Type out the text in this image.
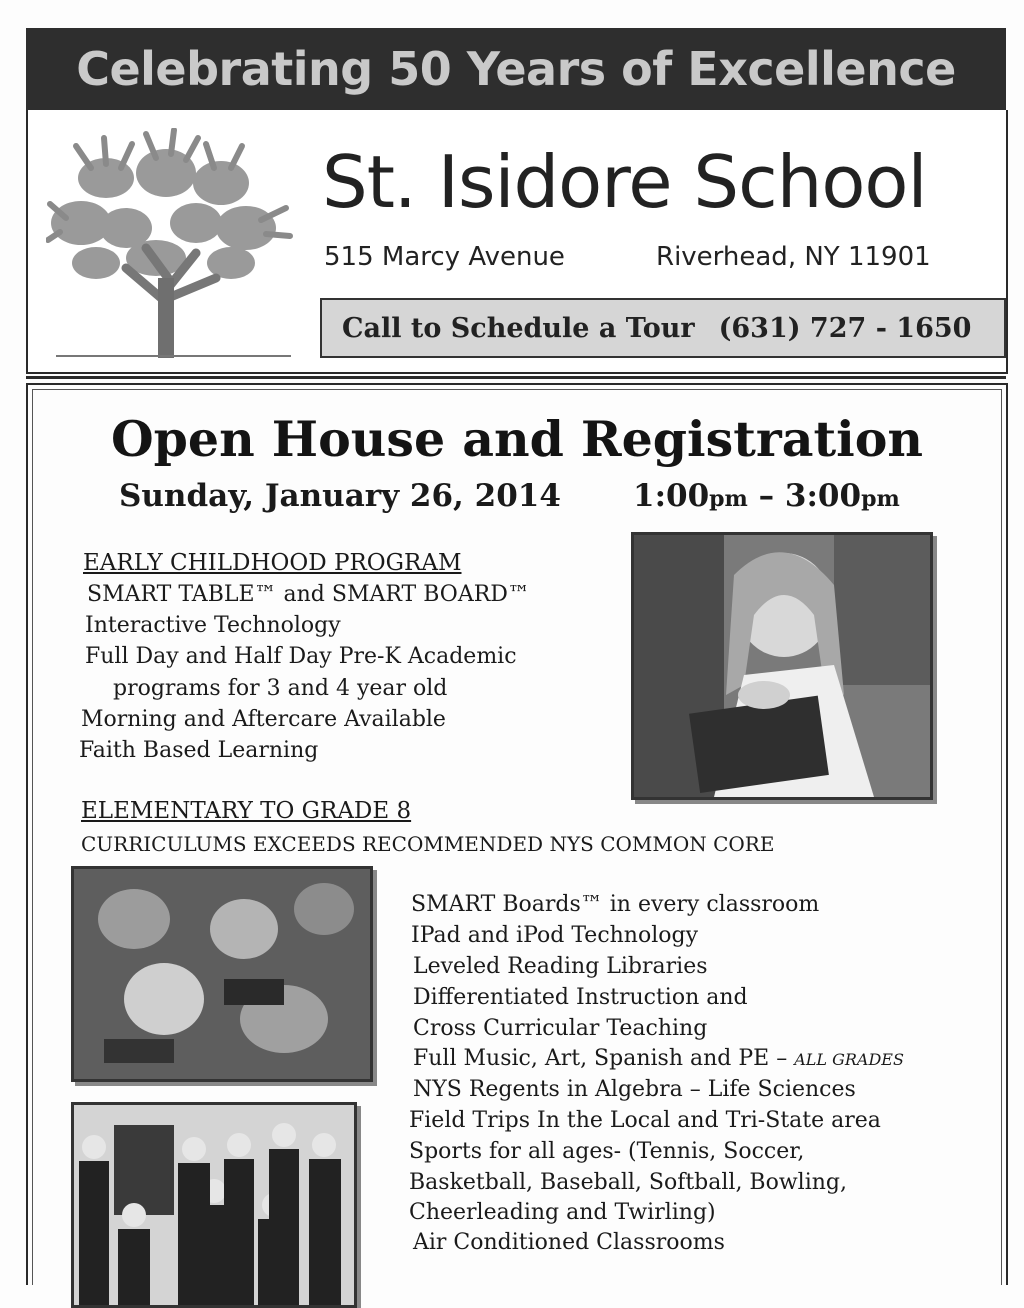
Celebrating 50 Years of Excellence
St. Isidore School
515 Marcy Avenue	Riverhead, NY 11901
Call to Schedule a Tour (631) 727 - 1650
Open House and Registration
Sunday, January 26, 2014 1:00pm – 3:00pm
EARLY CHILDHOOD PROGRAM
SMART TABLE™ and SMART BOARD™
Interactive Technology
Full Day and Half Day Pre-K Academic
programs for 3 and 4 year old
Morning and Aftercare Available
Faith Based Learning
ELEMENTARY TO GRADE 8
CURRICULUMS EXCEEDS RECOMMENDED NYS COMMON CORE
SMART Boards™ in every classroom
IPad and iPod Technology
Leveled Reading Libraries
Differentiated Instruction and
Cross Curricular Teaching
Full Music, Art, Spanish and PE – ALL GRADES
NYS Regents in Algebra – Life Sciences
Field Trips In the Local and Tri-State area
Sports for all ages- (Tennis, Soccer,
Basketball, Baseball, Softball, Bowling,
Cheerleading and Twirling)
Air Conditioned Classrooms
